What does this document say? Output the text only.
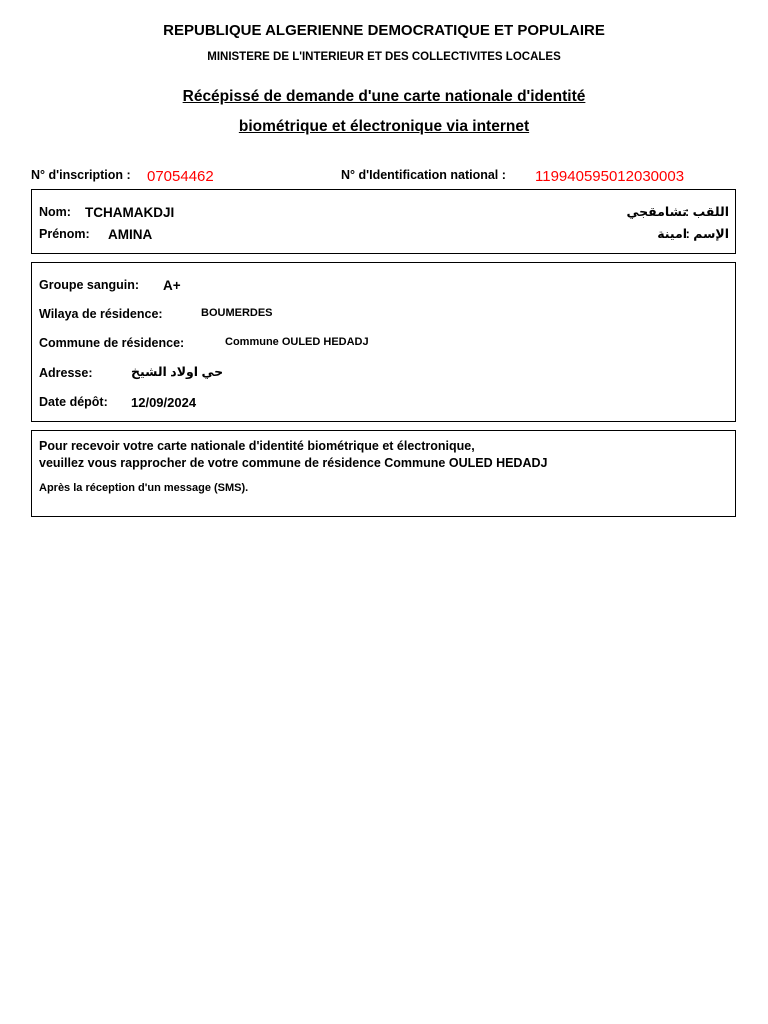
REPUBLIQUE ALGERIENNE DEMOCRATIQUE ET POPULAIRE
MINISTERE DE L'INTERIEUR ET DES COLLECTIVITES LOCALES
Récépissé de demande d'une carte nationale d'identité
biométrique et électronique via internet
N° d'inscription : 07054462	N° d'Identification national : 119940595012030003
Nom: TCHAMAKDJI
Prénom: AMINA
اللقب :
تشامقجي
الإسم :
امينة
Groupe sanguin: A+
Wilaya de résidence:	BOUMERDES
Commune de résidence:	Commune OULED HEDADJ
Adresse:	حي اولاد الشيخ
Date dépôt: 12/09/2024
Pour recevoir votre carte nationale d'identité biométrique et électronique,
veuillez vous rapprocher de votre commune de résidence Commune OULED HEDADJ
Après la réception d'un message (SMS).
